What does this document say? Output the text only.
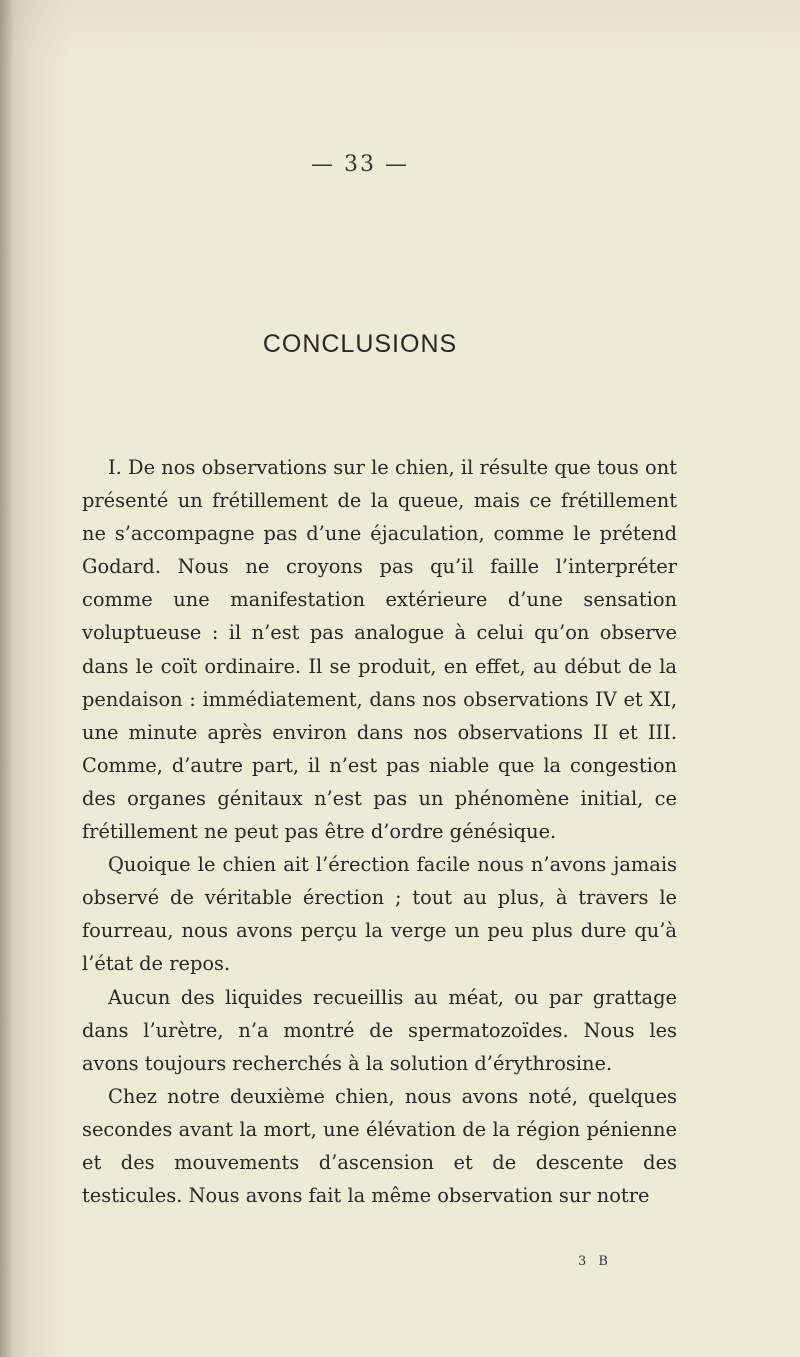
— 33 —
CONCLUSIONS

I. De nos observations sur le chien, il résulte que tous ont présenté un frétillement de la queue, mais ce frétillement ne s’accompagne pas d’une éjaculation, comme le prétend Godard. Nous ne croyons pas qu’il faille l’interpréter comme une manifestation extérieure d’une sensation voluptueuse : il n’est pas analogue à celui qu’on observe dans le coït ordinaire. Il se produit, en effet, au début de la pendaison : immédiatement, dans nos observations IV et XI, une minute après environ dans nos observations II et III. Comme, d’autre part, il n’est pas niable que la congestion des organes génitaux n’est pas un phénomène initial, ce frétillement ne peut pas être d’ordre génésique.

Quoique le chien ait l’érection facile nous n’avons jamais observé de véritable érection ; tout au plus, à travers le fourreau, nous avons perçu la verge un peu plus dure qu’à l’état de repos.

Aucun des liquides recueillis au méat, ou par grattage dans l’urètre, n’a montré de spermatozoïdes. Nous les avons toujours recherchés à la solution d’érythrosine.

Chez notre deuxième chien, nous avons noté, quelques secondes avant la mort, une élévation de la région pénienne et des mouvements d’ascension et de descente des testicules. Nous avons fait la même observation sur notre

3 B
